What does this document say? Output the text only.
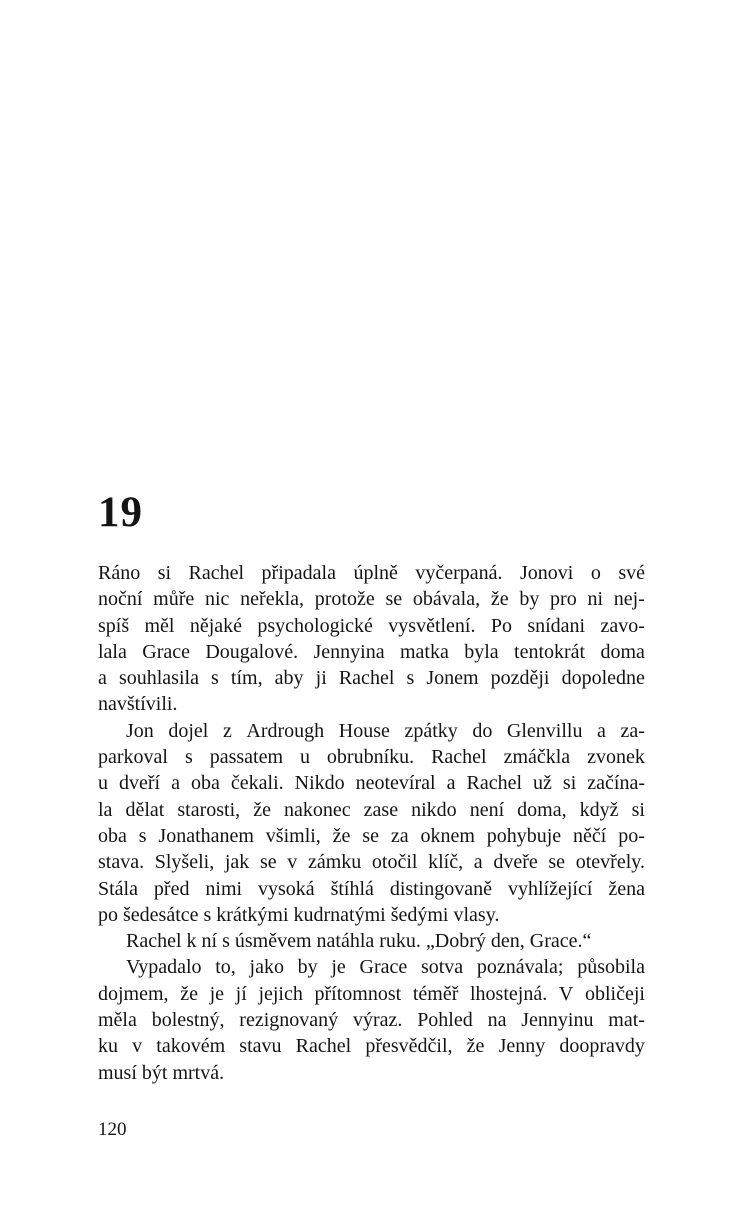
19
Ráno si Rachel připadala úplně vyčerpaná. Jonovi o své
noční můře nic neřekla, protože se obávala, že by pro ni nej-
spíš měl nějaké psychologické vysvětlení. Po snídani zavo-
lala Grace Dougalové. Jennyina matka byla tentokrát doma
a souhlasila s tím, aby ji Rachel s Jonem později dopoledne
navštívili.
Jon dojel z Ardrough House zpátky do Glenvillu a za-
parkoval s passatem u obrubníku. Rachel zmáčkla zvonek
u dveří a oba čekali. Nikdo neotevíral a Rachel už si začína-
la dělat starosti, že nakonec zase nikdo není doma, když si
oba s Jonathanem všimli, že se za oknem pohybuje něčí po-
stava. Slyšeli, jak se v zámku otočil klíč, a dveře se otevřely.
Stála před nimi vysoká štíhlá distingovaně vyhlížející žena
po šedesátce s krátkými kudrnatými šedými vlasy.
Rachel k ní s úsměvem natáhla ruku. „Dobrý den, Grace.“
Vypadalo to, jako by je Grace sotva poznávala; působila
dojmem, že je jí jejich přítomnost téměř lhostejná. V obličeji
měla bolestný, rezignovaný výraz. Pohled na Jennyinu mat-
ku v takovém stavu Rachel přesvědčil, že Jenny doopravdy
musí být mrtvá.
120
